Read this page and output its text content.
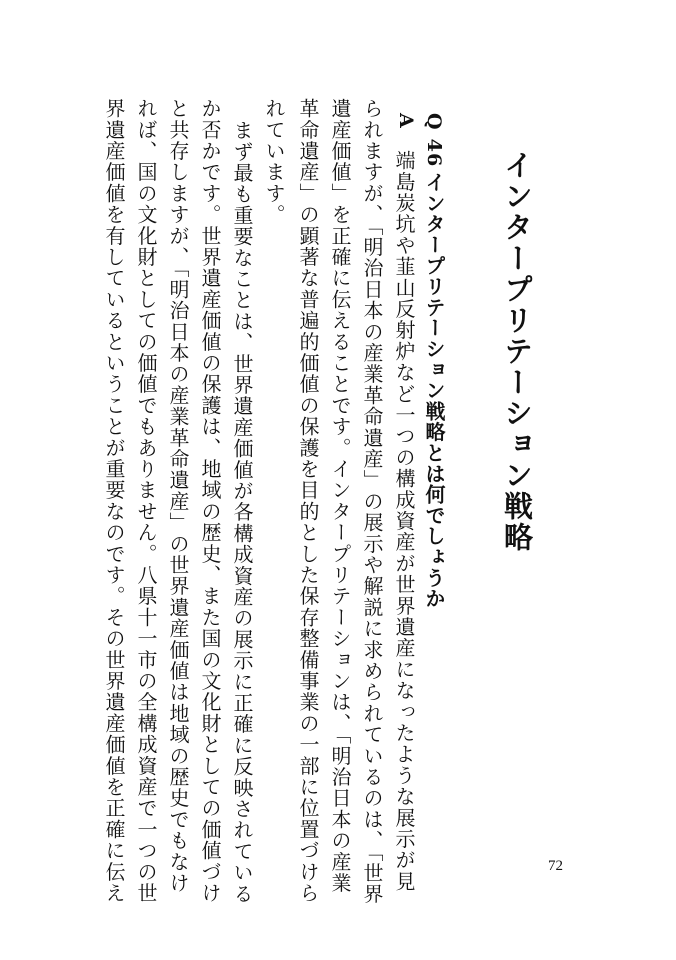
インタープリテーション戦略
Q 46
インタープリテーション戦略とは何でしょうか
A
端島炭坑や韮山反射炉など一つの構成資産が世界遺産になったような展示が見
られますが、「明治日本の産業革命遺産」の展示や解説に求められているのは、「世界
遺産価値」を正確に伝えることです。インタープリテーションは、「明治日本の産業
革命遺産」の顕著な普遍的価値の保護を目的とした保存整備事業の一部に位置づけら
れています。
まず最も重要なことは、世界遺産価値が各構成資産の展示に正確に反映されている
か否かです。世界遺産価値の保護は、地域の歴史、また国の文化財としての価値づけ
と共存しますが、「明治日本の産業革命遺産」の世界遺産価値は地域の歴史でもなけ
れば、国の文化財としての価値でもありません。八県十一市の全構成資産で一つの世
界遺産価値を有しているということが重要なのです。その世界遺産価値を正確に伝え	72
